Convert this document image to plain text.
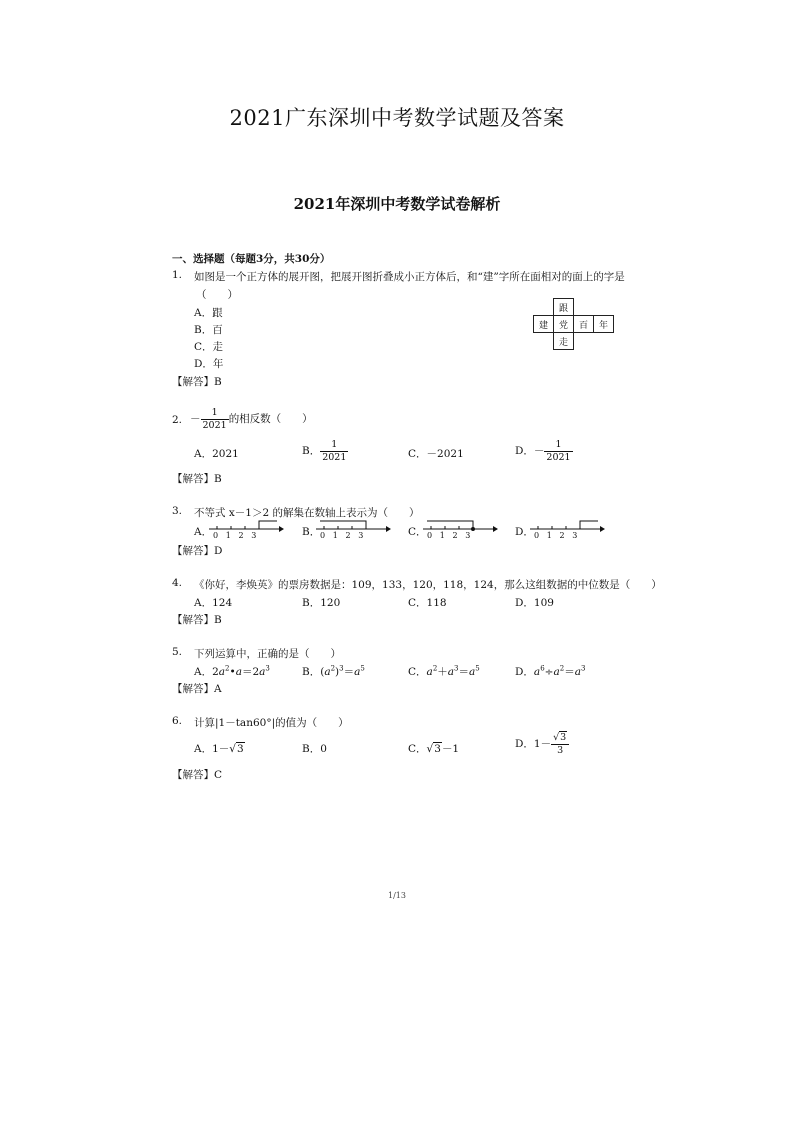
2021广东深圳中考数学试题及答案
2021年深圳中考数学试卷解析
一、选择题（每题3分，共30分）
1. 如图是一个正方体的展开图，把展开图折叠成小正方体后，和“建”字所在面相对的面上的字是
（　　）
A．跟
B．百
C．走
D．年
【解答】B
	跟		
建	党	百	年
	走		
2. － $\frac{1}{2021}$ 的相反数（　　）
A．2021	B． $\frac{1}{2021}$	C．－2021	D．－ $\frac{1}{2021}$
【解答】B
3. 不等式 x－1＞2 的解集在数轴上表示为（　　）
A． 0 1 2 3	B． 0 1 2 3	C． 0 1 2 3	D． 0 1 2 3
【解答】D
4. 《你好，李焕英》的票房数据是：109，133，120，118，124，那么这组数据的中位数是（　　）
A．124	B．120	C．118	D．109
【解答】B
5. 下列运算中，正确的是（　　）
A．$2a^2•a=2a^3$	B．$(a^2)^3=a^5$	C．$a^2+a^3=a^5$	D．$a^6\div a^2=a^3$
【解答】A
6. 计算|1－tan60°|的值为（　　）
A．1－√3	B．0	C．√3－1	D．$1- \frac{√3}{3}$
【解答】C
1/13
